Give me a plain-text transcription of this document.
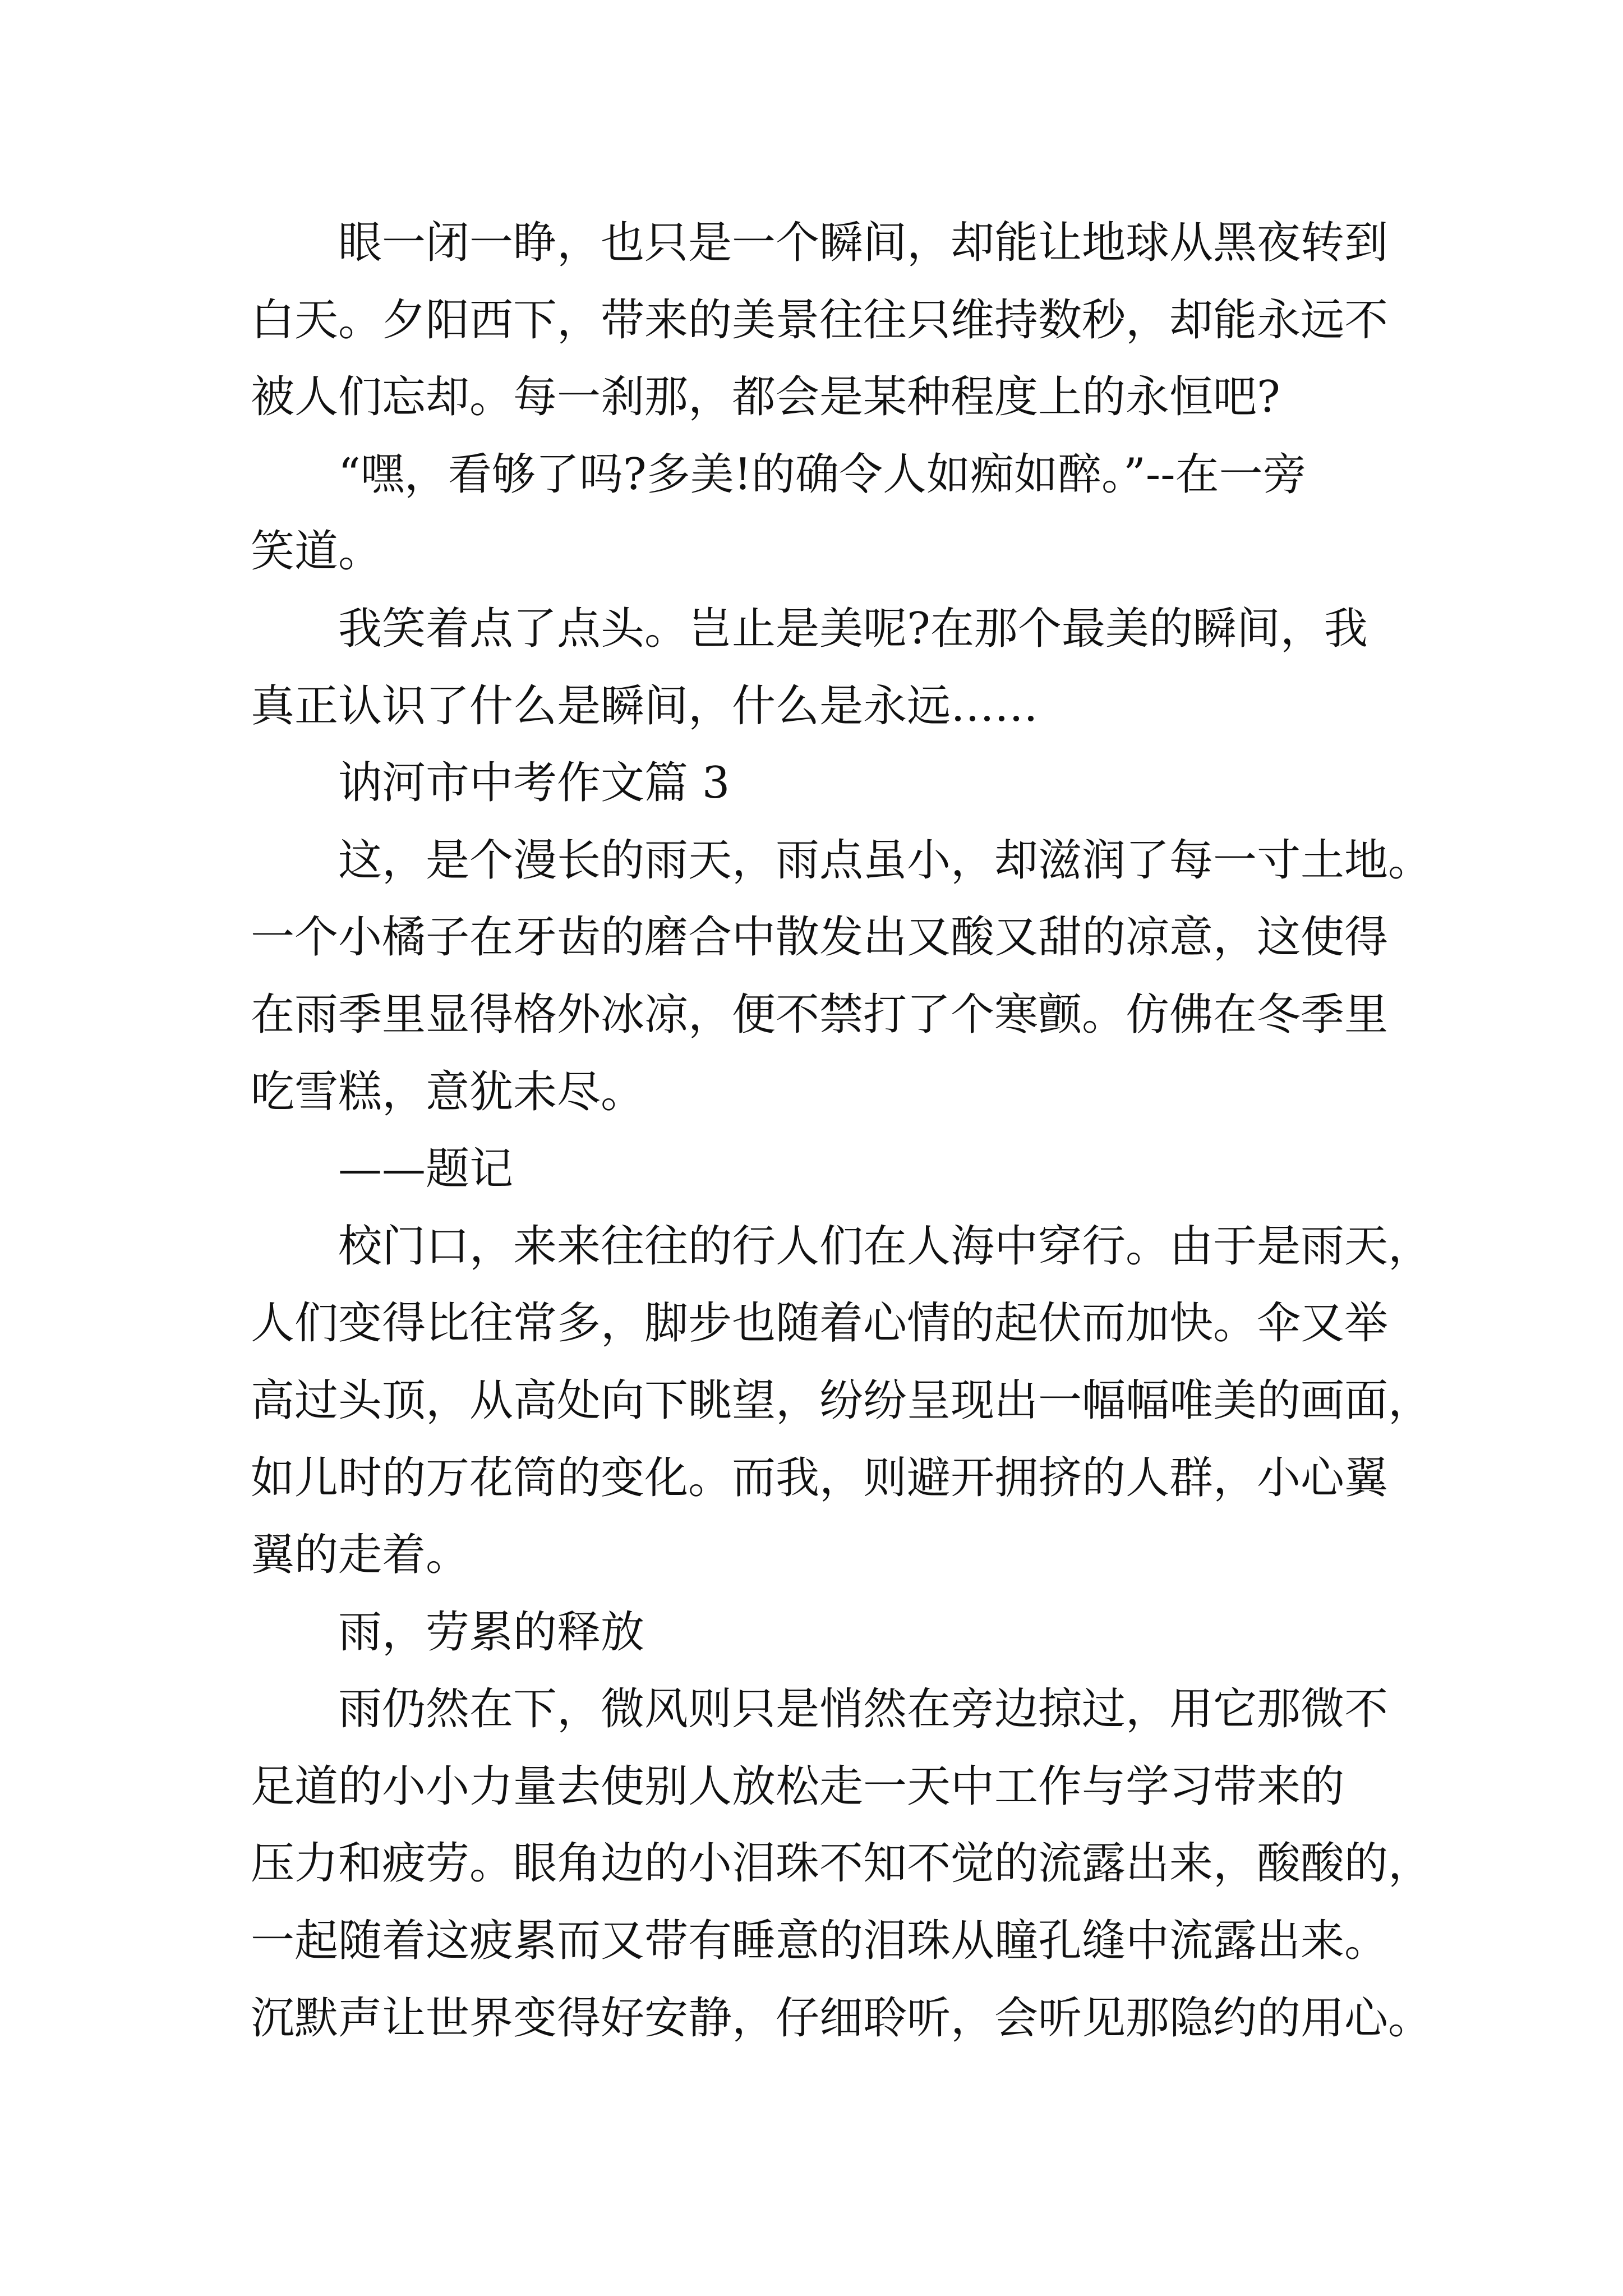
眼一闭一睁，也只是一个瞬间，却能让地球从黑夜转到
白天。夕阳西下，带来的美景往往只维持数秒，却能永远不
被人们忘却。每一刹那，都会是某种程度上的永恒吧?
“嘿，看够了吗?多美!的确令人如痴如醉。”--在一旁
笑道。
我笑着点了点头。岂止是美呢?在那个最美的瞬间，我
真正认识了什么是瞬间，什么是永远……
讷河市中考作文篇 3
这，是个漫长的雨天，雨点虽小，却滋润了每一寸土地。
一个小橘子在牙齿的磨合中散发出又酸又甜的凉意，这使得
在雨季里显得格外冰凉，便不禁打了个寒颤。仿佛在冬季里
吃雪糕，意犹未尽。
——题记
校门口，来来往往的行人们在人海中穿行。由于是雨天，
人们变得比往常多，脚步也随着心情的起伏而加快。伞又举
高过头顶，从高处向下眺望，纷纷呈现出一幅幅唯美的画面，
如儿时的万花筒的变化。而我，则避开拥挤的人群，小心翼
翼的走着。
雨，劳累的释放
雨仍然在下，微风则只是悄然在旁边掠过，用它那微不
足道的小小力量去使别人放松走一天中工作与学习带来的
压力和疲劳。眼角边的小泪珠不知不觉的流露出来，酸酸的，
一起随着这疲累而又带有睡意的泪珠从瞳孔缝中流露出来。
沉默声让世界变得好安静，仔细聆听，会听见那隐约的用心。
